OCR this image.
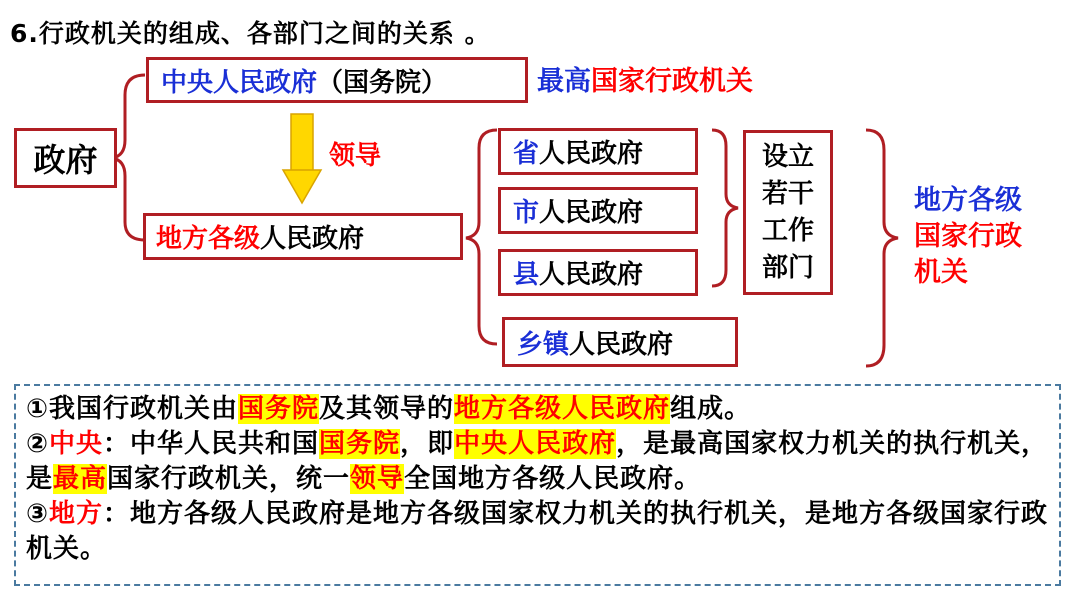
6.行政机关的组成、各部门之间的关系 。
政府
中央人民政府 （国务院）	最高国家行政机关
领导
地方各级 人民政府
省 人民政府
市 人民政府
县 人民政府
乡镇 人民政府
设立
若干
工作
部门
地方各级
国家行政
机关

①我国行政机关由国务院及其领导的地方各级人民政府组成。

②中央：中华人民共和国国务院，即中央人民政府，是最高国家权力机关的执行机关，是最高国家行政机关，统一领导全国地方各级人民政府。

③地方：地方各级人民政府是地方各级国家权力机关的执行机关，是地方各级国家行政机关。
